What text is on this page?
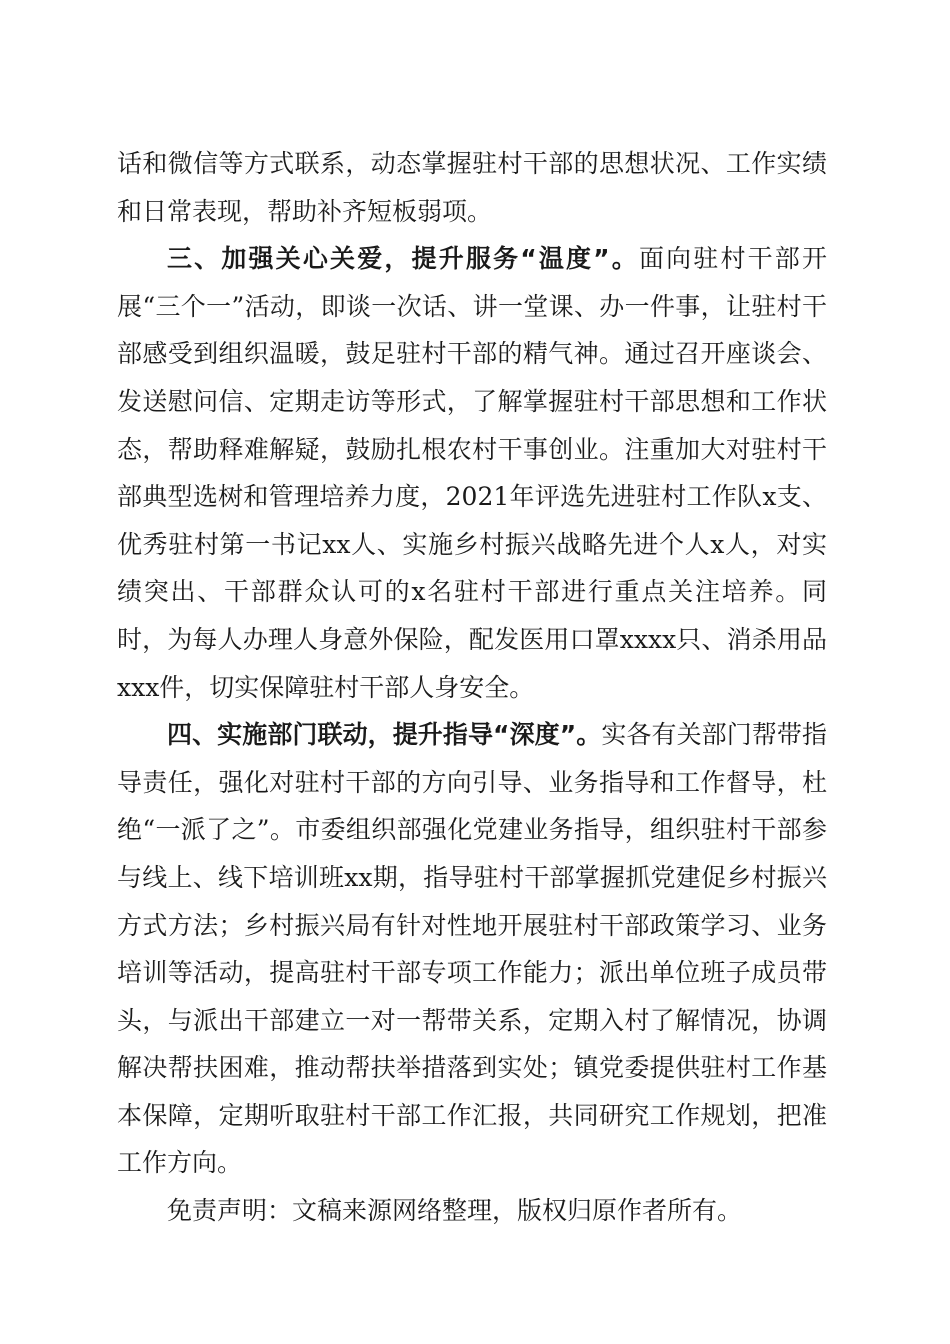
话和微信等方式联系，动态掌握驻村干部的思想状况、工作实绩和日常表现，帮助补齐短板弱项。

三、加强关心关爱，提升服务“温度”。面向驻村干部开展“三个一”活动，即谈一次话、讲一堂课、办一件事，让驻村干部感受到组织温暖，鼓足驻村干部的精气神。通过召开座谈会、发送慰问信、定期走访等形式，了解掌握驻村干部思想和工作状态，帮助释难解疑，鼓励扎根农村干事创业。注重加大对驻村干部典型选树和管理培养力度，2021年评选先进驻村工作队x支、优秀驻村第一书记xx人、实施乡村振兴战略先进个人x人，对实绩突出、干部群众认可的x名驻村干部进行重点关注培养。同时，为每人办理人身意外保险，配发医用口罩xxxx只、消杀用品xxx件，切实保障驻村干部人身安全。

四、实施部门联动，提升指导“深度”。实各有关部门帮带指导责任，强化对驻村干部的方向引导、业务指导和工作督导，杜绝“一派了之”。市委组织部强化党建业务指导，组织驻村干部参与线上、线下培训班xx期，指导驻村干部掌握抓党建促乡村振兴方式方法；乡村振兴局有针对性地开展驻村干部政策学习、业务培训等活动，提高驻村干部专项工作能力；派出单位班子成员带头，与派出干部建立一对一帮带关系，定期入村了解情况，协调解决帮扶困难，推动帮扶举措落到实处；镇党委提供驻村工作基本保障，定期听取驻村干部工作汇报，共同研究工作规划，把准工作方向。

免责声明：文稿来源网络整理，版权归原作者所有。
